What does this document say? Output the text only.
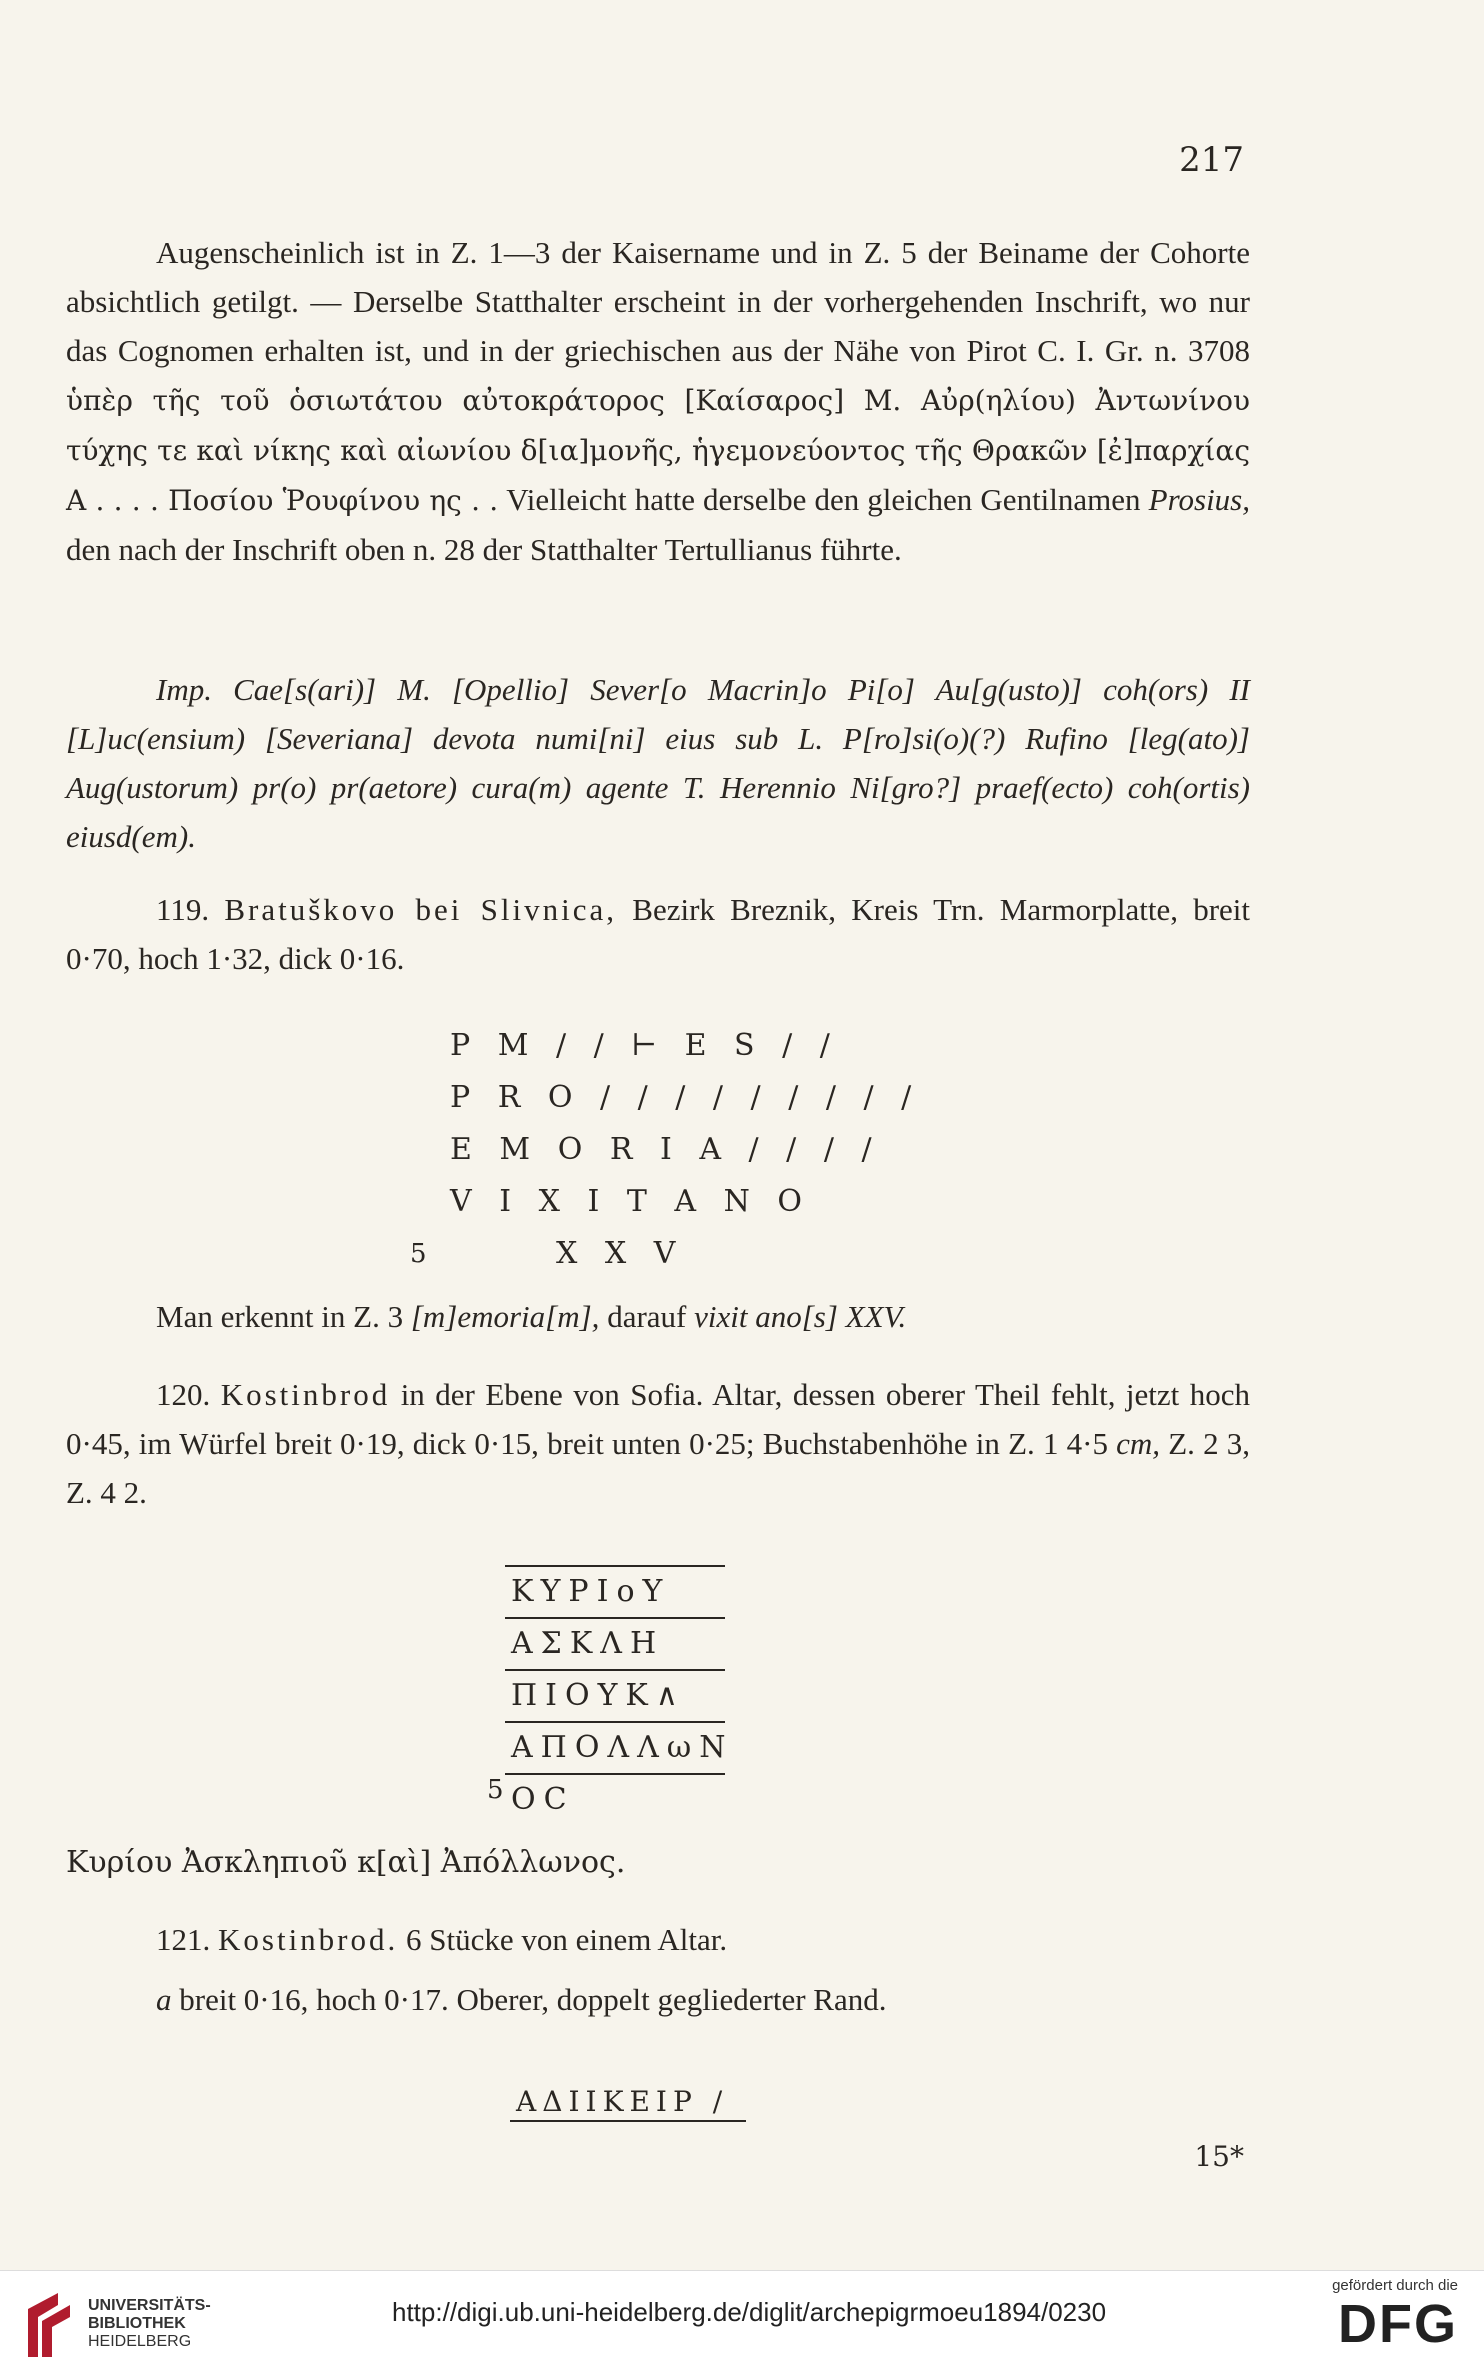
217
Augenscheinlich ist in Z. 1—3 der Kaisername und in Z. 5 der Beiname der Cohorte absichtlich getilgt. — Derselbe Statthalter erscheint in der vorhergehenden Inschrift, wo nur das Cognomen erhalten ist, und in der griechischen aus der Nähe von Pirot C. I. Gr. n. 3708 ὑπὲρ τῆς τοῦ ὁσιωτάτου αὐτοκράτορος [Καίσαρος] Μ. Αὐρ(ηλίου) Ἀντωνίνου τύχης τε καὶ νίκης καὶ αἰωνίου δ[ια]μονῆς, ἡγεμονεύοντος τῆς Θρακῶν [ἐ]παρχίας Α . . . . Ποσίου Ῥουφίνου ης . . Vielleicht hatte derselbe den gleichen Gentilnamen Prosius, den nach der Inschrift oben n. 28 der Statthalter Tertullianus führte.
Imp. Cae[s(ari)] M. [Opellio] Sever[o Macrin]o Pi[o] Au[g(usto)] coh(ors) II [L]uc(ensium) [Severiana] devota numi[ni] eius sub L. P[ro]si(o)(?) Rufino [leg(ato)] Aug(ustorum) pr(o) pr(aetore) cura(m) agente T. Herennio Ni[gro?] praef(ecto) coh(ortis) eiusd(em).
119. Bratuškovo bei Slivnica, Bezirk Breznik, Kreis Trn. Marmorplatte, breit 0·70, hoch 1·32, dick 0·16.
P M / / ⊢ E S / /
P R O / / / / / / / / /
E M O R I A / / / /
V I X I T A N O
X X V
5
Man erkennt in Z. 3 [m]emoria[m], darauf vixit ano[s] XXV.
120. Kostinbrod in der Ebene von Sofia. Altar, dessen oberer Theil fehlt, jetzt hoch 0·45, im Würfel breit 0·19, dick 0·15, breit unten 0·25; Buchstabenhöhe in Z. 1 4·5 cm, Z. 2 3, Z. 4 2.
KYPIoY
AΣKΛH
ΠIOYK∧
AΠOΛΛωN
OC
5
Κυρίου Ἀσκληπιοῦ κ[αὶ] Ἀπόλλωνος.
121. Kostinbrod. 6 Stücke von einem Altar.
a breit 0·16, hoch 0·17. Oberer, doppelt gegliederter Rand.
ΑΔΙΙΚΕΙΡ /
15*
UNIVERSITÄTS-
BIBLIOTHEK
HEIDELBERG
http://digi.ub.uni-heidelberg.de/diglit/archepigrmoeu1894/0230
gefördert durch die
DFG
